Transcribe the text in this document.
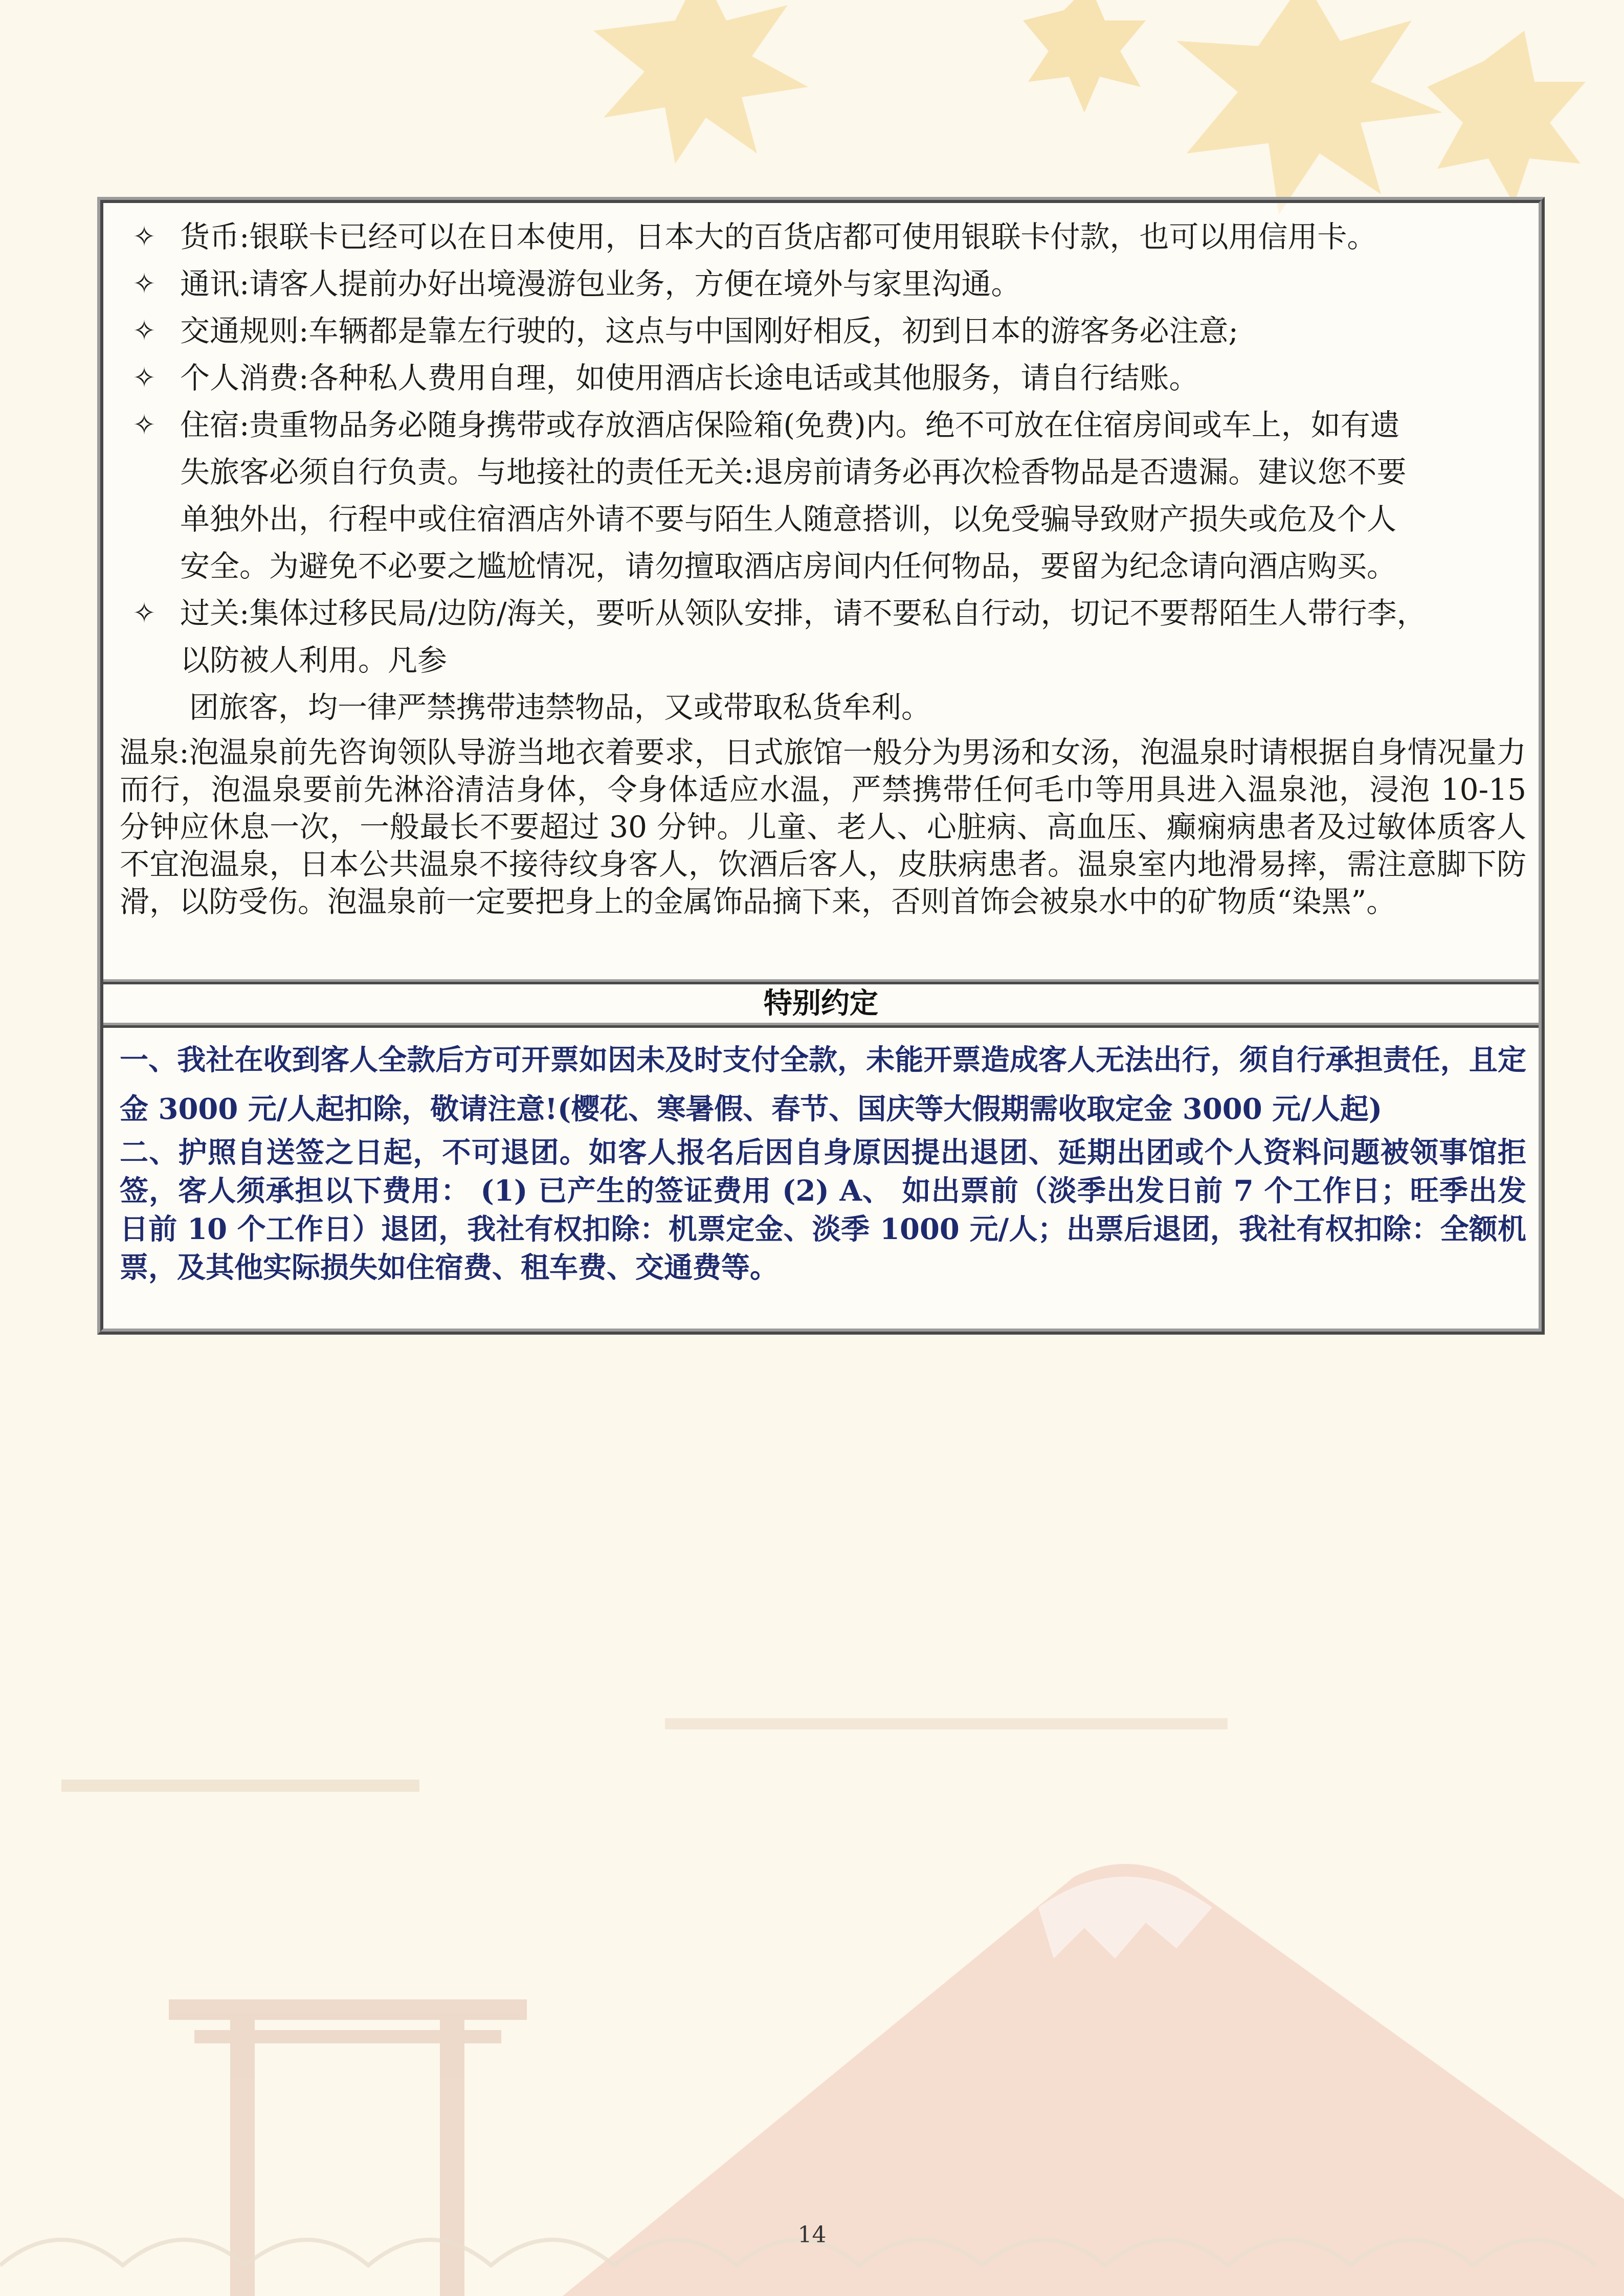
✧ 货币:银联卡已经可以在日本使用，日本大的百货店都可使用银联卡付款，也可以用信用卡。
✧ 通讯:请客人提前办好出境漫游包业务，方便在境外与家里沟通。
✧ 交通规则:车辆都是靠左行驶的，这点与中国刚好相反，初到日本的游客务必注意;
✧ 个人消费:各种私人费用自理，如使用酒店长途电话或其他服务，请自行结账。
✧ 住宿:贵重物品务必随身携带或存放酒店保险箱(免费)内。绝不可放在住宿房间或车上，如有遗
失旅客必须自行负责。与地接社的责任无关:退房前请务必再次检香物品是否遗漏。建议您不要
单独外出，行程中或住宿酒店外请不要与陌生人随意搭训，以免受骗导致财产损失或危及个人
安全。为避免不必要之尴尬情况，请勿擅取酒店房间内任何物品，要留为纪念请向酒店购买。
✧ 过关:集体过移民局/边防/海关，要听从领队安排，请不要私自行动，切记不要帮陌生人带行李，
以防被人利用。凡参
团旅客，均一律严禁携带违禁物品，又或带取私货牟利。
温泉:泡温泉前先咨询领队导游当地衣着要求，日式旅馆一般分为男汤和女汤，泡温泉时请根据自身情况量力而行，泡温泉要前先淋浴清洁身体，令身体适应水温，严禁携带任何毛巾等用具进入温泉池，浸泡 10-15 分钟应休息一次，一般最长不要超过 30 分钟。儿童、老人、心脏病、高血压、癫痫病患者及过敏体质客人不宜泡温泉，日本公共温泉不接待纹身客人，饮酒后客人，皮肤病患者。温泉室内地滑易摔，需注意脚下防滑，以防受伤。泡温泉前一定要把身上的金属饰品摘下来，否则首饰会被泉水中的矿物质“染黑”。
特别约定
一、我社在收到客人全款后方可开票如因未及时支付全款，未能开票造成客人无法出行，须自行承担责任，且定金 3000 元/人起扣除，敬请注意!(樱花、寒暑假、春节、国庆等大假期需收取定金 3000 元/人起)
二、护照自送签之日起，不可退团。如客人报名后因自身原因提出退团、延期出团或个人资料问题被领事馆拒签，客人须承担以下费用： (1) 已产生的签证费用 (2) A、 如出票前（淡季出发日前 7 个工作日；旺季出发日前 10 个工作日）退团，我社有权扣除：机票定金、淡季 1000 元/人；出票后退团，我社有权扣除：全额机票，及其他实际损失如住宿费、租车费、交通费等。
14
